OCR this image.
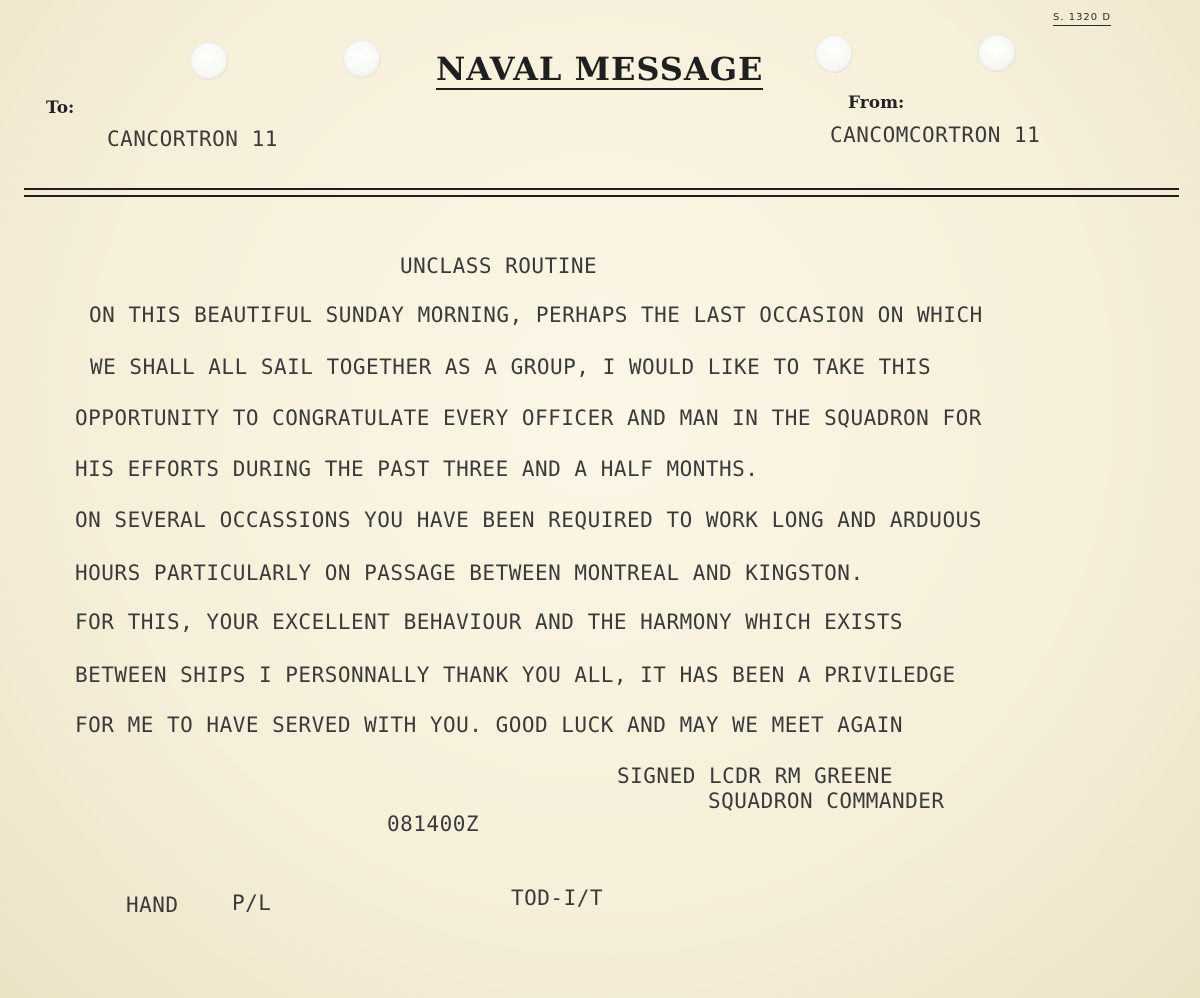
S. 1320 D
NAVAL MESSAGE
To:
CANCORTRON 11
From:
CANCOMCORTRON 11
UNCLASS ROUTINE
ON THIS BEAUTIFUL SUNDAY MORNING, PERHAPS THE LAST OCCASION ON WHICH
WE SHALL ALL SAIL TOGETHER AS A GROUP, I WOULD LIKE TO TAKE THIS
OPPORTUNITY TO CONGRATULATE EVERY OFFICER AND MAN IN THE SQUADRON FOR
HIS EFFORTS DURING THE PAST THREE AND A HALF MONTHS.
ON SEVERAL OCCASSIONS YOU HAVE BEEN REQUIRED TO WORK LONG AND ARDUOUS
HOURS PARTICULARLY ON PASSAGE BETWEEN MONTREAL AND KINGSTON.
FOR THIS, YOUR EXCELLENT BEHAVIOUR AND THE HARMONY WHICH EXISTS
BETWEEN SHIPS I PERSONNALLY THANK YOU ALL, IT HAS BEEN A PRIVILEDGE
FOR ME TO HAVE SERVED WITH YOU. GOOD LUCK AND MAY WE MEET AGAIN
SIGNED LCDR RM GREENE
SQUADRON COMMANDER
081400Z
HAND	P/L	TOD-I/T
